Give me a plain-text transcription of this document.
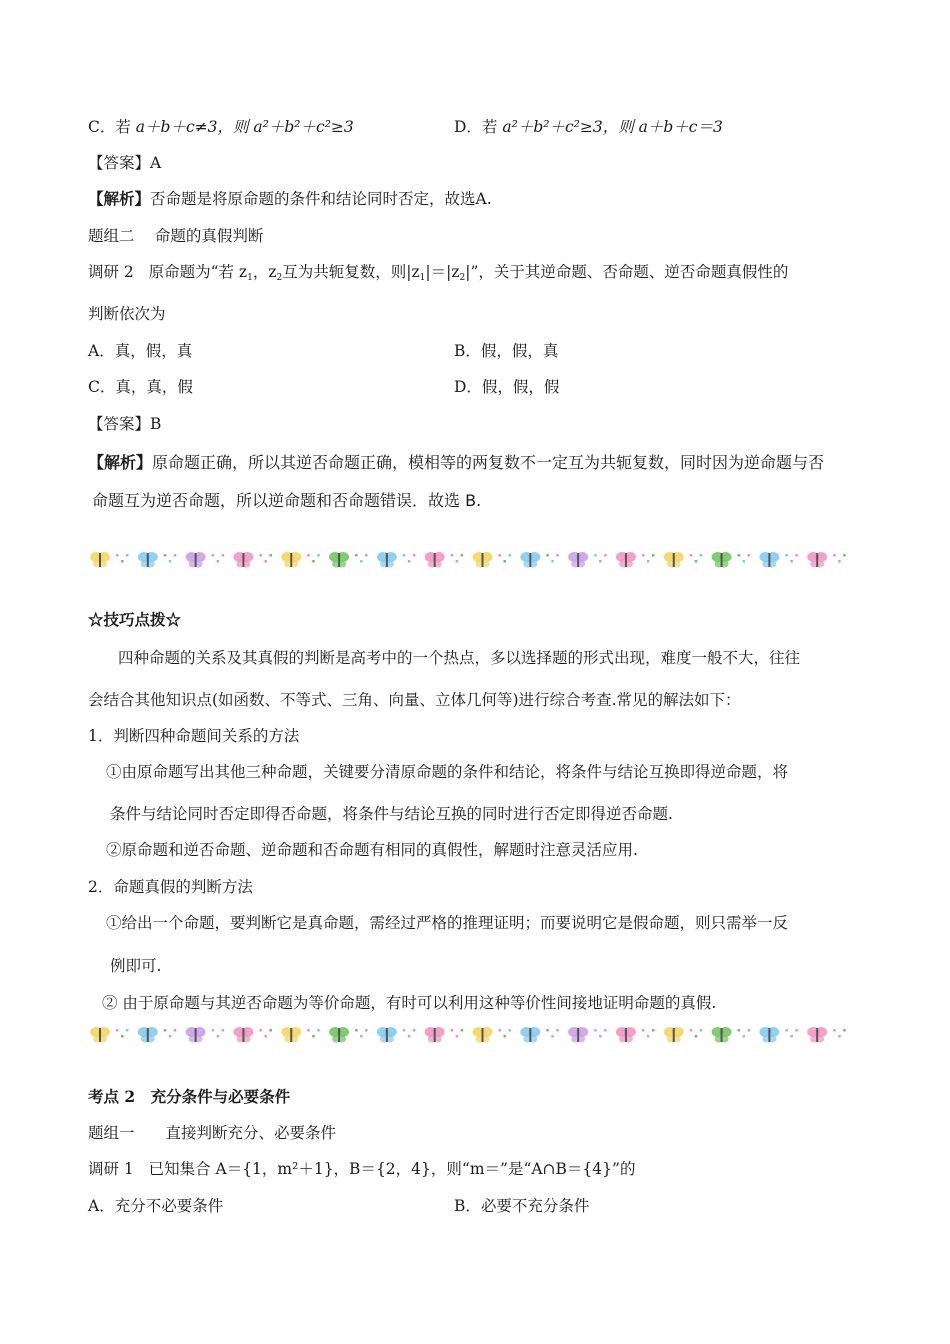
C．若 a＋b＋c≠3，则 a²＋b²＋c²≥3	D．若 a²＋b²＋c²≥3，则 a＋b＋c＝3
【答案】A
【解析】否命题是将原命题的条件和结论同时否定，故选A.
题组二　 命题的真假判断
调研 2 原命题为“若 $z_1$，$z_2$互为共轭复数，则$|z_1|=|z_2|$”，关于其逆命题、否命题、逆否命题真假性的
判断依次为
A．真，假，真	B．假，假，真
C．真，真，假	D．假，假，假
【答案】B
【解析】原命题正确，所以其逆否命题正确，模相等的两复数不一定互为共轭复数，同时因为逆命题与否
命题互为逆否命题，所以逆命题和否命题错误．故选 B.
☆技巧点拨☆
四种命题的关系及其真假的判断是高考中的一个热点，多以选择题的形式出现，难度一般不大，往往
会结合其他知识点(如函数、不等式、三角、向量、立体几何等)进行综合考查.常见的解法如下：
1．判断四种命题间关系的方法
①由原命题写出其他三种命题，关键要分清原命题的条件和结论，将条件与结论互换即得逆命题，将
条件与结论同时否定即得否命题，将条件与结论互换的同时进行否定即得逆否命题.
②原命题和逆否命题、逆命题和否命题有相同的真假性，解题时注意灵活应用.
2．命题真假的判断方法
①给出一个命题，要判断它是真命题，需经过严格的推理证明；而要说明它是假命题，则只需举一反
例即可.
② 由于原命题与其逆否命题为等价命题，有时可以利用这种等价性间接地证明命题的真假.
考点 2　充分条件与必要条件
题组一　　直接判断充分、必要条件
调研 1 已知集合 A＝{1，m²＋1}，B＝{2，4}，则“m＝”是“A∩B＝{4}”的
A．充分不必要条件	B．必要不充分条件
